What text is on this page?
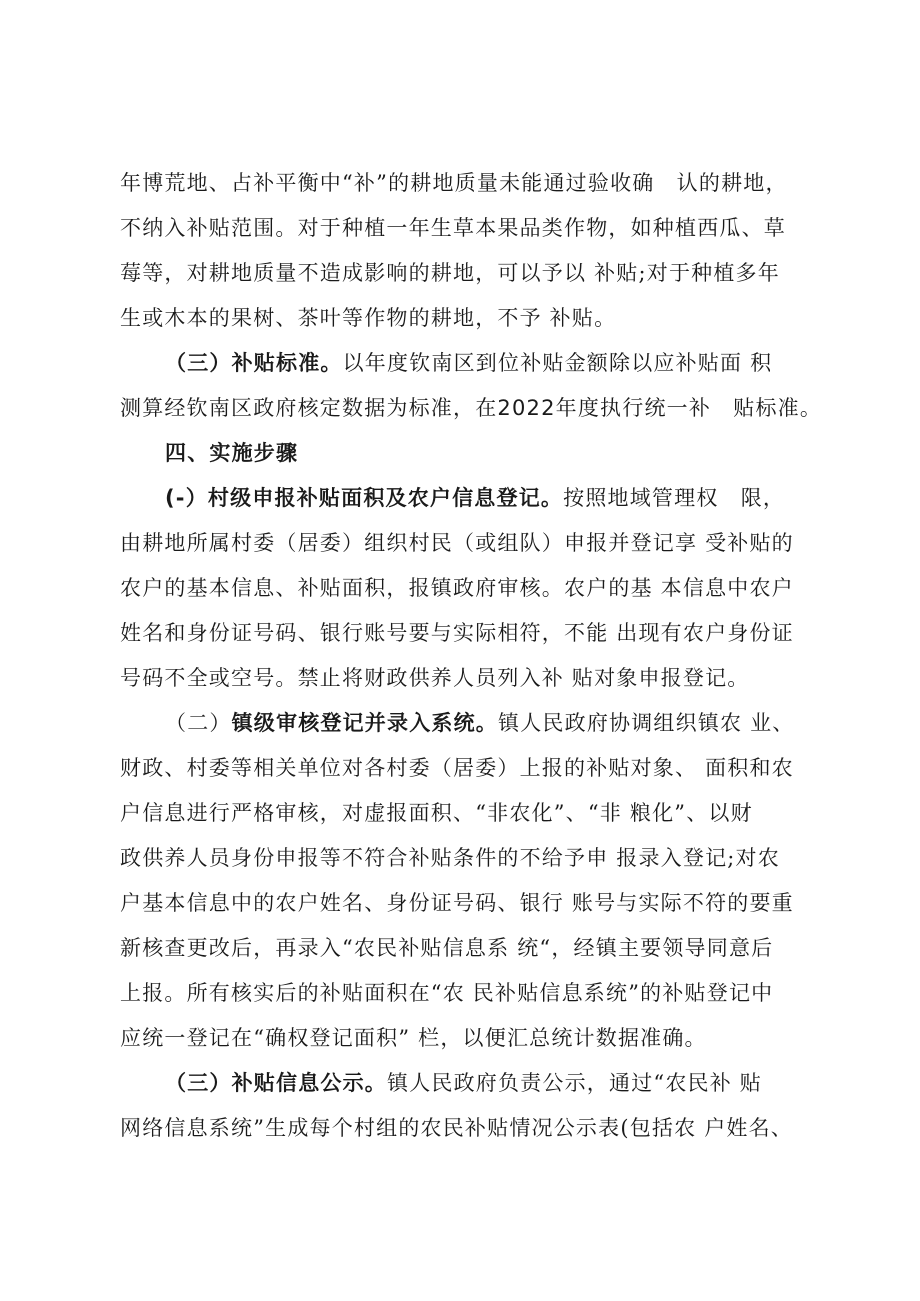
年博荒地、占补平衡中“补”的耕地质量未能通过验收确　认的耕地，
不纳入补贴范围。对于种植一年生草本果品类作物，如种植西瓜、草
莓等，对耕地质量不造成影响的耕地，可以予以 补贴;对于种植多年
生或木本的果树、茶叶等作物的耕地，不予 补贴。
（三）补贴标准。以年度钦南区到位补贴金额除以应补贴面 积
测算经钦南区政府核定数据为标准，在2022年度执行统一补　贴标准。
四、实施步骤
(-）村级申报补贴面积及农户信息登记。按照地域管理权　限，
由耕地所属村委（居委）组织村民（或组队）申报并登记享 受补贴的
农户的基本信息、补贴面积，报镇政府审核。农户的基 本信息中农户
姓名和身份证号码、银行账号要与实际相符，不能 出现有农户身份证
号码不全或空号。禁止将财政供养人员列入补 贴对象申报登记。
（二）镇级审核登记并录入系统。镇人民政府协调组织镇农 业、
财政、村委等相关单位对各村委（居委）上报的补贴对象、 面积和农
户信息进行严格审核，对虚报面积、“非农化”、“非 粮化”、以财
政供养人员身份申报等不符合补贴条件的不给予申 报录入登记;对农
户基本信息中的农户姓名、身份证号码、银行 账号与实际不符的要重
新核查更改后，再录入“农民补贴信息系 统“，经镇主要领导同意后
上报。所有核实后的补贴面积在“农 民补贴信息系统”的补贴登记中
应统一登记在“确权登记面积” 栏，以便汇总统计数据准确。
（三）补贴信息公示。镇人民政府负责公示，通过“农民补 贴
网络信息系统”生成每个村组的农民补贴情况公示表(包括农 户姓名、
